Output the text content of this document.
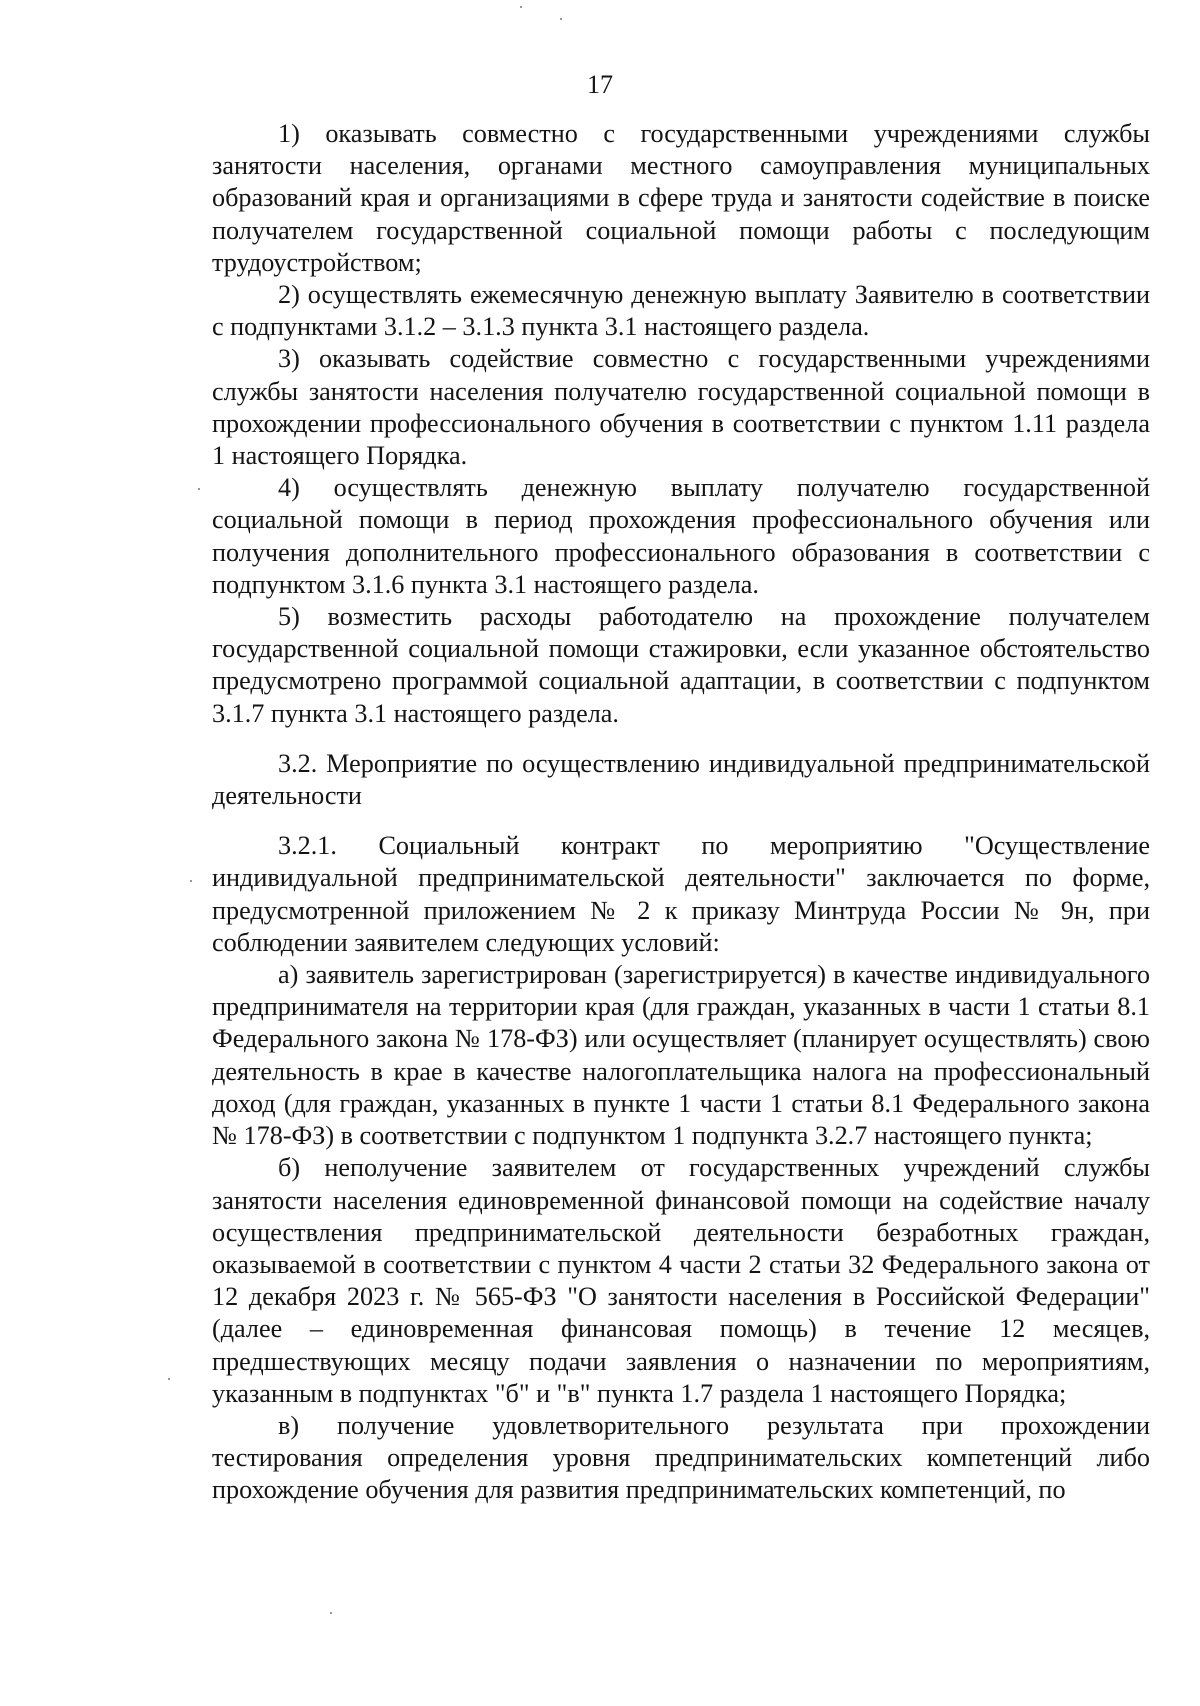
17

1) оказывать совместно с государственными учреждениями службы занятости населения, органами местного самоуправления муниципальных образований края и организациями в сфере труда и занятости содействие в поиске получателем государственной социальной помощи работы с последующим трудоустройством;

2) осуществлять ежемесячную денежную выплату Заявителю в соответствии с подпунктами 3.1.2 – 3.1.3 пункта 3.1 настоящего раздела.

3) оказывать содействие совместно с государственными учреждениями службы занятости населения получателю государственной социальной помощи в прохождении профессионального обучения в соответствии с пунктом 1.11 раздела 1 настоящего Порядка.

4) осуществлять денежную выплату получателю государственной социальной помощи в период прохождения профессионального обучения или получения дополнительного профессионального образования в соответствии с подпунктом 3.1.6 пункта 3.1 настоящего раздела.

5) возместить расходы работодателю на прохождение получателем государственной социальной помощи стажировки, если указанное обстоятельство предусмотрено программой социальной адаптации, в соответствии с подпунктом 3.1.7 пункта 3.1 настоящего раздела.

3.2. Мероприятие по осуществлению индивидуальной предпринимательской деятельности

3.2.1. Социальный контракт по мероприятию "Осуществление индивидуальной предпринимательской деятельности" заключается по форме, предусмотренной приложением № 2 к приказу Минтруда России № 9н, при соблюдении заявителем следующих условий:

а) заявитель зарегистрирован (зарегистрируется) в качестве индивидуального предпринимателя на территории края (для граждан, указанных в части 1 статьи 8.1 Федерального закона № 178-ФЗ) или осуществляет (планирует осуществлять) свою деятельность в крае в качестве налогоплательщика налога на профессиональный доход (для граждан, указанных в пункте 1 части 1 статьи 8.1 Федерального закона № 178-ФЗ) в соответствии с подпунктом 1 подпункта 3.2.7 настоящего пункта;

б) неполучение заявителем от государственных учреждений службы занятости населения единовременной финансовой помощи на содействие началу осуществления предпринимательской деятельности безработных граждан, оказываемой в соответствии с пунктом 4 части 2 статьи 32 Федерального закона от 12 декабря 2023 г. № 565-ФЗ "О занятости населения в Российской Федерации" (далее – единовременная финансовая помощь) в течение 12 месяцев, предшествующих месяцу подачи заявления о назначении по мероприятиям, указанным в подпунктах "б" и "в" пункта 1.7 раздела 1 настоящего Порядка;

в) получение удовлетворительного результата при прохождении тестирования определения уровня предпринимательских компетенций либо прохождение обучения для развития предпринимательских компетенций, по
